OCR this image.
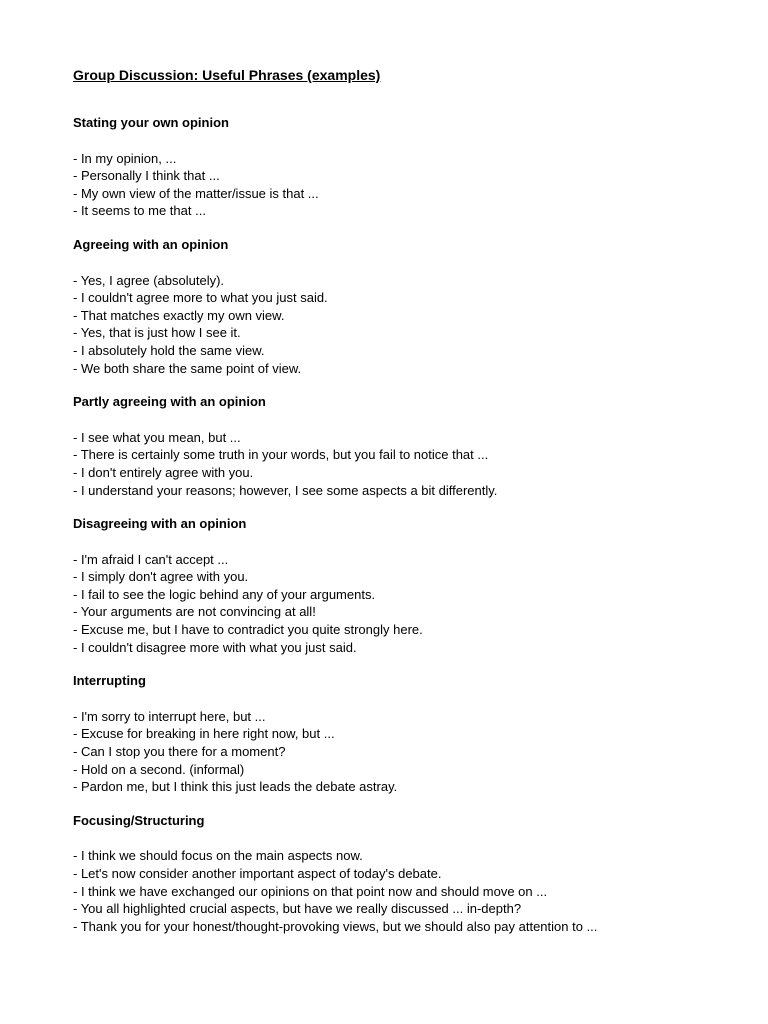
Group Discussion: Useful Phrases (examples)
Stating your own opinion
- In my opinion, ...
- Personally I think that ...
- My own view of the matter/issue is that ...
- It seems to me that ...
Agreeing with an opinion
- Yes, I agree (absolutely).
- I couldn't agree more to what you just said.
- That matches exactly my own view.
- Yes, that is just how I see it.
- I absolutely hold the same view.
- We both share the same point of view.
Partly agreeing with an opinion
- I see what you mean, but ...
- There is certainly some truth in your words, but you fail to notice that ...
- I don't entirely agree with you.
- I understand your reasons; however, I see some aspects a bit differently.
Disagreeing with an opinion
- I'm afraid I can't accept ...
- I simply don't agree with you.
- I fail to see the logic behind any of your arguments.
- Your arguments are not convincing at all!
- Excuse me, but I have to contradict you quite strongly here.
- I couldn't disagree more with what you just said.
Interrupting
- I'm sorry to interrupt here, but ...
- Excuse for breaking in here right now, but ...
- Can I stop you there for a moment?
- Hold on a second. (informal)
- Pardon me, but I think this just leads the debate astray.
Focusing/Structuring
- I think we should focus on the main aspects now.
- Let's now consider another important aspect of today's debate.
- I think we have exchanged our opinions on that point now and should move on ...
- You all highlighted crucial aspects, but have we really discussed ... in-depth?
- Thank you for your honest/thought-provoking views, but we should also pay attention to ...
